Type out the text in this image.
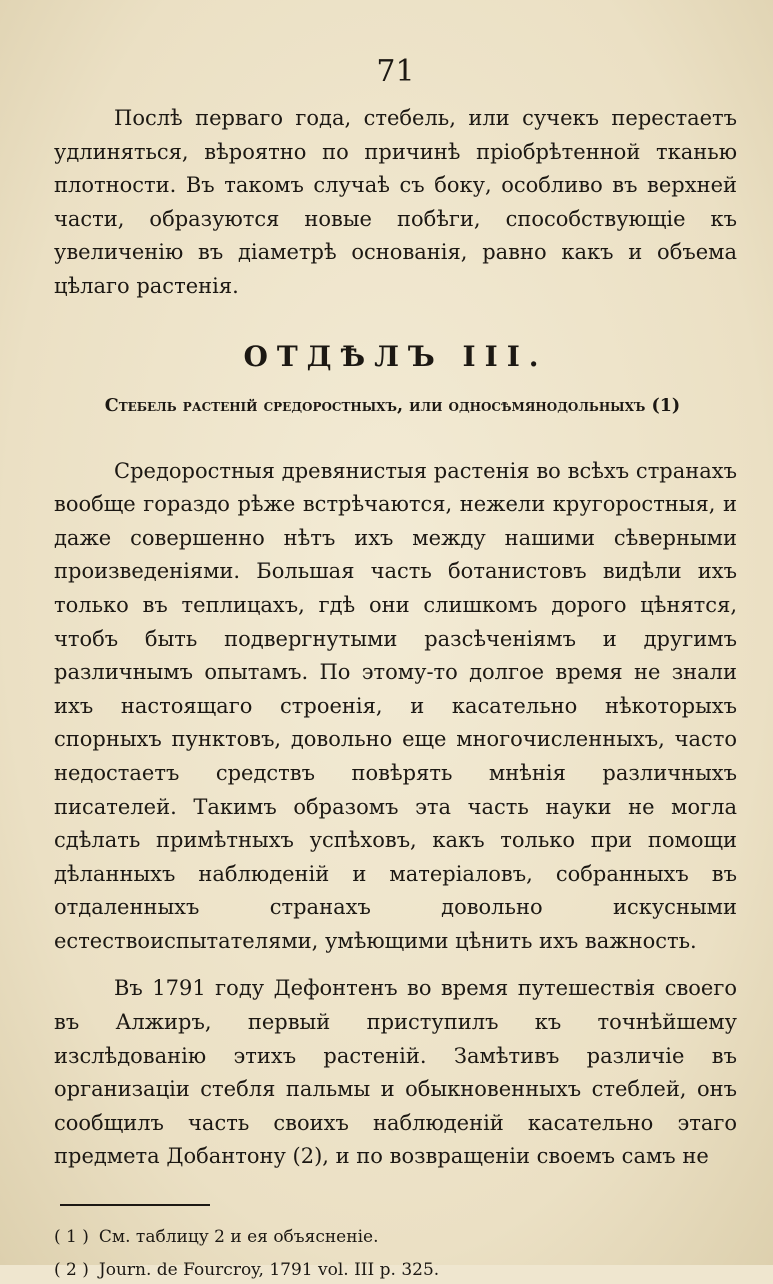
71

Послѣ перваго года, стебель, или сучекъ перестаетъ удлиняться, вѣроятно по причинѣ пріобрѣтенной тканью плотности. Въ такомъ случаѣ съ боку, особливо въ верхней части, образуются новые побѣги, способствующіе къ увеличенію въ діаметрѣ основанія, равно какъ и объема цѣлаго растенія.

ОТДѢЛЪ III.
Стебель растеній средоростныхъ, или односѣмянодольныхъ (1)

Средоростныя древянистыя растенія во всѣхъ странахъ вообще гораздо рѣже встрѣчаются, нежели кругоростныя, и даже совершенно нѣтъ ихъ между нашими сѣверными произведеніями. Большая часть ботанистовъ видѣли ихъ только въ теплицахъ, гдѣ они слишкомъ дорого цѣнятся, чтобъ быть подвергнутыми разсѣченіямъ и другимъ различнымъ опытамъ. По этому-то долгое время не знали ихъ настоящаго строенія, и касательно нѣкоторыхъ спорныхъ пунктовъ, довольно еще многочисленныхъ, часто недостаетъ средствъ повѣрять мнѣнія различныхъ писателей. Такимъ образомъ эта часть науки не могла сдѣлать примѣтныхъ успѣховъ, какъ только при помощи дѣланныхъ наблюденій и матеріаловъ, собранныхъ въ отдаленныхъ странахъ довольно искусными естествоиспытателями, умѣющими цѣнить ихъ важность.

Въ 1791 году Дефонтенъ во время путешествія своего въ Алжиръ, первый приступилъ къ точнѣйшему изслѣдованію этихъ растеній. Замѣтивъ различіе въ организаціи стебля пальмы и обыкновенныхъ стеблей, онъ сообщилъ часть своихъ наблюденій касательно этаго предмета Добантону (2), и по возвращеніи своемъ самъ не

( 1 ) См. таблицу 2 и ея объясненіе.
( 2 ) Journ. de Fourcroy, 1791 vol. III p. 325.
